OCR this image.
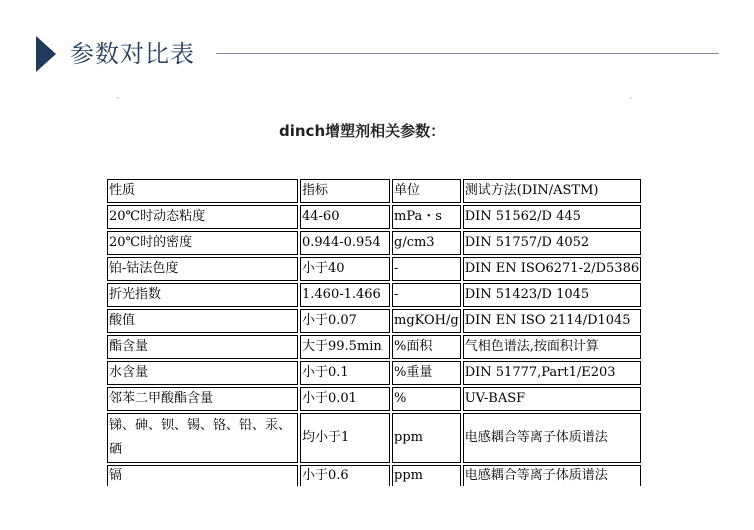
参数对比表
dinch增塑剂相关参数：
性质	指标	单位	测试方法(DIN/ASTM)
20℃时动态粘度	44-60	mPa・s	DIN 51562/D 445
20℃时的密度	0.944-0.954	g/cm3	DIN 51757/D 4052
铂-钴法色度	小于40	-	DIN EN ISO6271-2/D5386
折光指数	1.460-1.466	-	DIN 51423/D 1045
酸值	小于0.07	mgKOH/g	DIN EN ISO 2114/D1045
酯含量	大于99.5min	%面积	气相色谱法,按面积计算
水含量	小于0.1	%重量	DIN 51777,Part1/E203
邻苯二甲酸酯含量	小于0.01	%	UV-BASF
锑、砷、钡、锡、铬、铅、汞、硒	均小于1	ppm	电感耦合等离子体质谱法
镉	小于0.6	ppm	电感耦合等离子体质谱法
